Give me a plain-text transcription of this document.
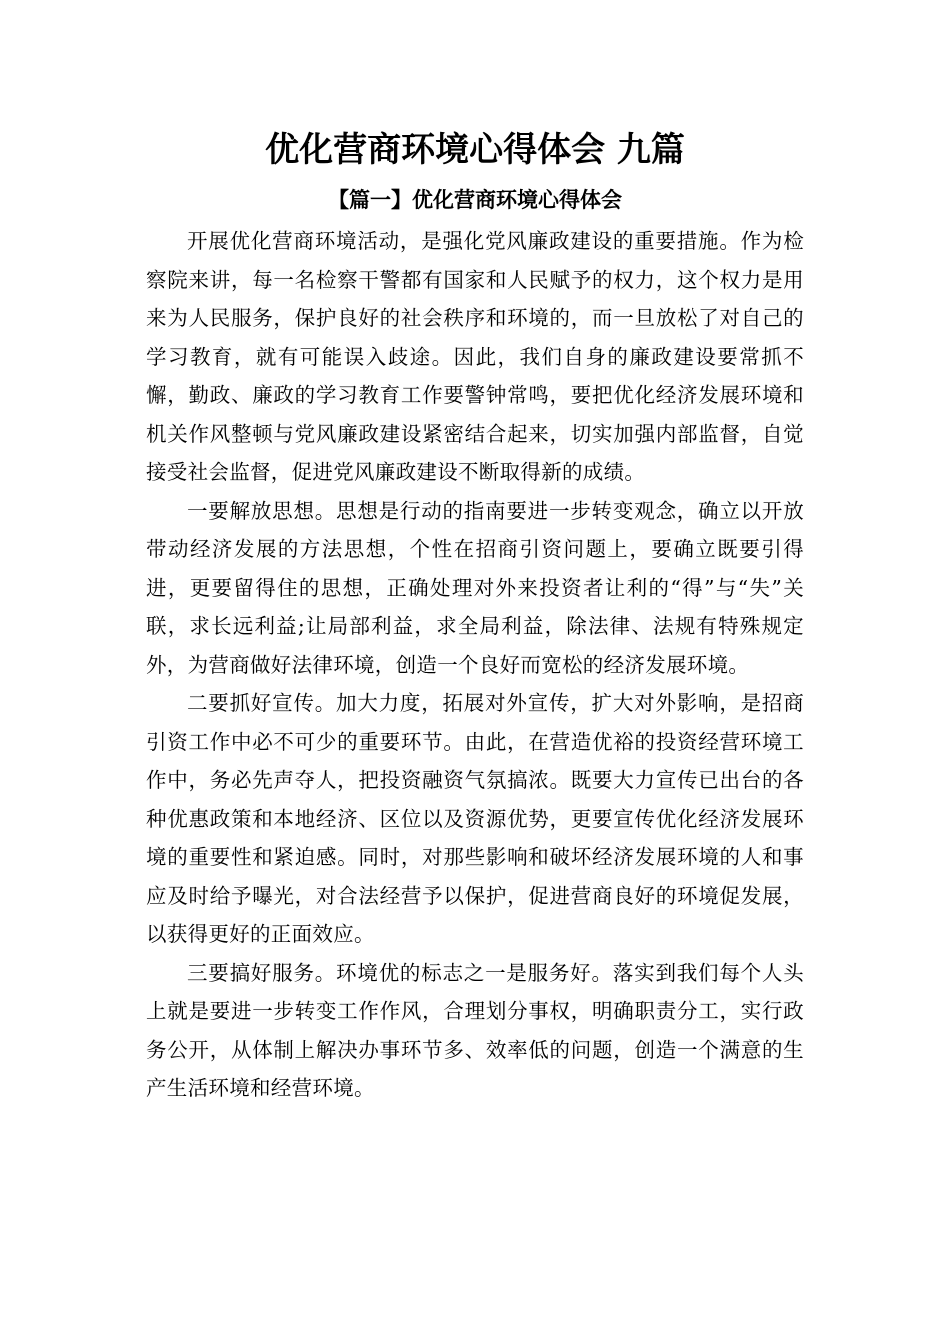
优化营商环境心得体会 九篇
【篇一】优化营商环境心得体会

开展优化营商环境活动，是强化党风廉政建设的重要措施。作为检察院来讲，每一名检察干警都有国家和人民赋予的权力，这个权力是用来为人民服务，保护良好的社会秩序和环境的，而一旦放松了对自己的学习教育，就有可能误入歧途。因此，我们自身的廉政建设要常抓不懈，勤政、廉政的学习教育工作要警钟常鸣，要把优化经济发展环境和机关作风整顿与党风廉政建设紧密结合起来，切实加强内部监督，自觉接受社会监督，促进党风廉政建设不断取得新的成绩。

一要解放思想。思想是行动的指南要进一步转变观念，确立以开放带动经济发展的方法思想，个性在招商引资问题上，要确立既要引得进，更要留得住的思想，正确处理对外来投资者让利的“得”与“失”关联，求长远利益;让局部利益，求全局利益，除法律、法规有特殊规定外，为营商做好法律环境，创造一个良好而宽松的经济发展环境。

二要抓好宣传。加大力度，拓展对外宣传，扩大对外影响，是招商引资工作中必不可少的重要环节。由此，在营造优裕的投资经营环境工作中，务必先声夺人，把投资融资气氛搞浓。既要大力宣传已出台的各种优惠政策和本地经济、区位以及资源优势，更要宣传优化经济发展环境的重要性和紧迫感。同时，对那些影响和破坏经济发展环境的人和事应及时给予曝光，对合法经营予以保护，促进营商良好的环境促发展，以获得更好的正面效应。

三要搞好服务。环境优的标志之一是服务好。落实到我们每个人头上就是要进一步转变工作作风，合理划分事权，明确职责分工，实行政务公开，从体制上解决办事环节多、效率低的问题，创造一个满意的生产生活环境和经营环境。
